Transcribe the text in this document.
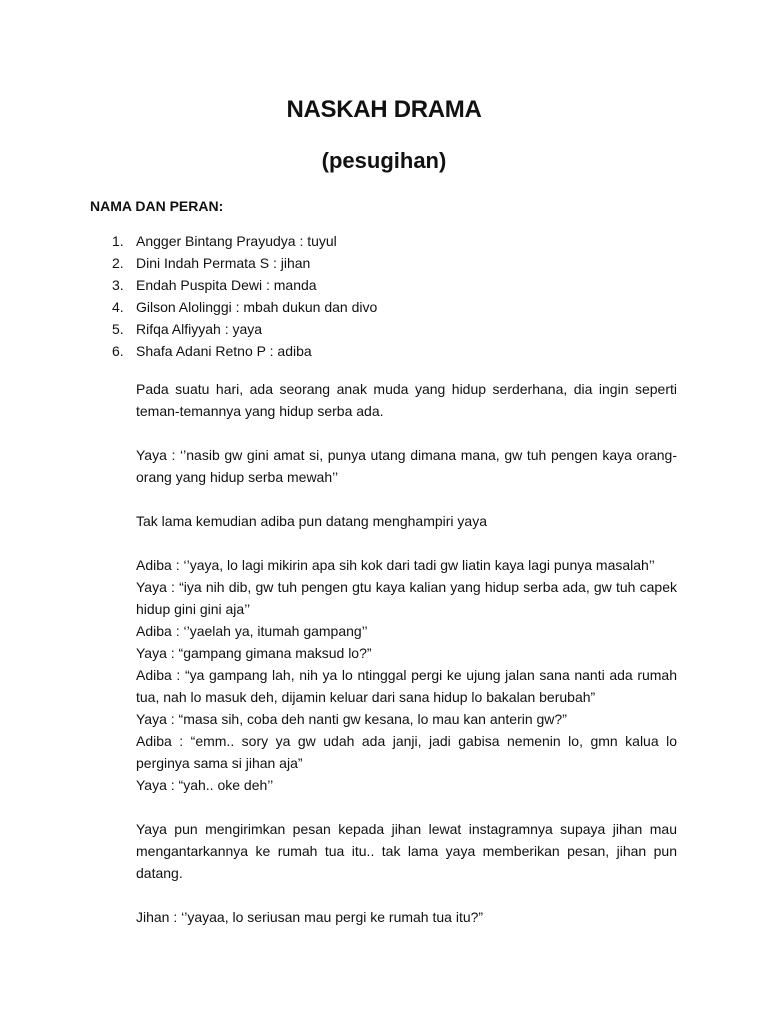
NASKAH DRAMA
(pesugihan)

NAMA DAN PERAN:

1. Angger Bintang Prayudya : tuyul
2. Dini Indah Permata S : jihan
3. Endah Puspita Dewi : manda
4. Gilson Alolinggi : mbah dukun dan divo
5. Rifqa Alfiyyah : yaya
6. Shafa Adani Retno P : adiba

Pada suatu hari, ada seorang anak muda yang hidup serderhana, dia ingin seperti teman-temannya yang hidup serba ada.

Yaya : ‘’nasib gw gini amat si, punya utang dimana mana, gw tuh pengen kaya orang-orang yang hidup serba mewah’’

Tak lama kemudian adiba pun datang menghampiri yaya

Adiba : ‘’yaya, lo lagi mikirin apa sih kok dari tadi gw liatin kaya lagi punya masalah’’

Yaya : “iya nih dib, gw tuh pengen gtu kaya kalian yang hidup serba ada, gw tuh capek hidup gini gini aja’’

Adiba : ‘’yaelah ya, itumah gampang’’

Yaya : “gampang gimana maksud lo?”

Adiba : “ya gampang lah, nih ya lo ntinggal pergi ke ujung jalan sana nanti ada rumah tua, nah lo masuk deh, dijamin keluar dari sana hidup lo bakalan berubah”

Yaya : “masa sih, coba deh nanti gw kesana, lo mau kan anterin gw?”

Adiba : “emm.. sory ya gw udah ada janji, jadi gabisa nemenin lo, gmn kalua lo perginya sama si jihan aja”

Yaya : “yah.. oke deh’’

Yaya pun mengirimkan pesan kepada jihan lewat instagramnya supaya jihan mau mengantarkannya ke rumah tua itu.. tak lama yaya memberikan pesan, jihan pun datang.

Jihan : ‘’yayaa, lo seriusan mau pergi ke rumah tua itu?”
